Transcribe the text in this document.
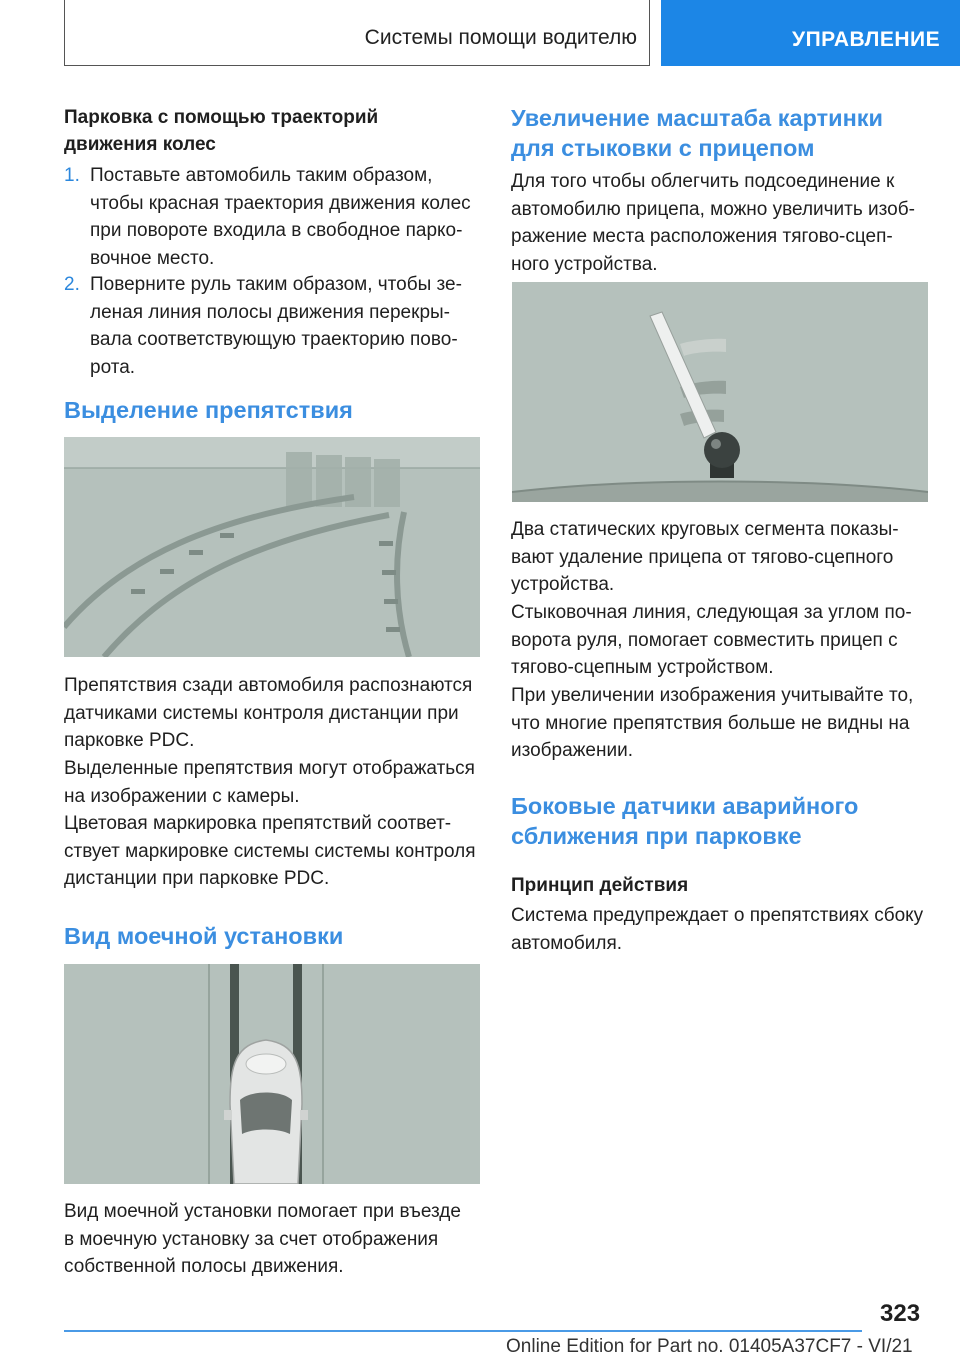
Системы помощи водителю	УПРАВЛЕНИЕ
Парковка с помощью траекторий
движения колес
1. Поставьте автомобиль таким образом,
чтобы красная траектория движения колес
при повороте входила в свободное парко-
вочное место.
2. Поверните руль таким образом, чтобы зе-
леная линия полосы движения перекры-
вала соответствующую траекторию пово-
рота.
Выделение препятствия
Препятствия сзади автомобиля распознаются
датчиками системы контроля дистанции при
парковке PDC.
Выделенные препятствия могут отображаться
на изображении с камеры.
Цветовая маркировка препятствий соответ-
ствует маркировке системы системы контроля
дистанции при парковке PDC.
Вид моечной установки
Вид моечной установки помогает при въезде
в моечную установку за счет отображения
собственной полосы движения.
Увеличение масштаба картинки
для стыковки с прицепом
Для того чтобы облегчить подсоединение к
автомобилю прицепа, можно увеличить изоб-
ражение места расположения тягово-сцеп-
ного устройства.
Два статических круговых сегмента показы-
вают удаление прицепа от тягово-сцепного
устройства.
Стыковочная линия, следующая за углом по-
ворота руля, помогает совместить прицеп с
тягово-сцепным устройством.
При увеличении изображения учитывайте то,
что многие препятствия больше не видны на
изображении.
Боковые датчики аварийного
сближения при парковке
Принцип действия
Система предупреждает о препятствиях сбоку
автомобиля.
323
Online Edition for Part no. 01405A37CF7 - VI/21
